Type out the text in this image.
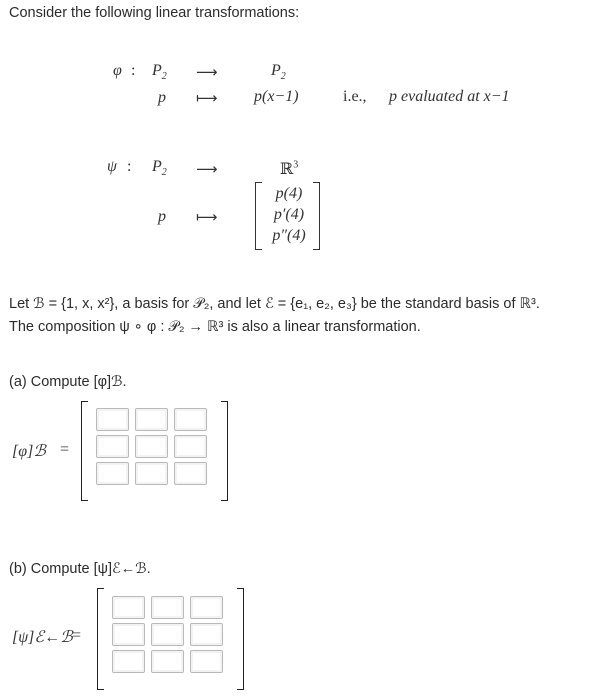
Consider the following linear transformations:
φ : $P_2$ ⟶	$P_2$
p ⟼ p(x−1)	i.e., p evaluated at x−1
ψ : $P_2$ ⟶	ℝ$^3$
p ⟼
p(4)
p′(4)
p″(4)
Let ℬ = {1, x, x²}, a basis for 𝒫₂, and let ℰ = {e₁, e₂, e₃} be the standard basis of ℝ³.
The composition ψ ∘ φ : 𝒫₂ → ℝ³ is also a linear transformation.
(a) Compute [φ]ℬ.
[φ]ℬ =
(b) Compute [ψ]ℰ←ℬ.
[ψ]ℰ←ℬ =
